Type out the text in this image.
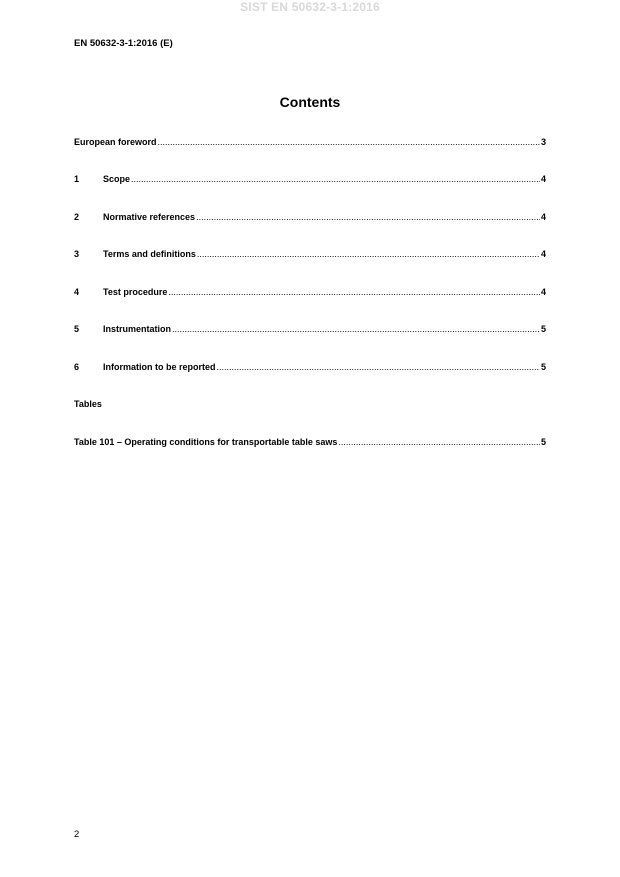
SIST EN 50632-3-1:2016
EN 50632-3-1:2016 (E)
Contents
European foreword .....	3
1	Scope .....	4
2	Normative references .....	4
3	Terms and definitions .....	4
4	Test procedure .....	4
5	Instrumentation .....	5
6	Information to be reported .....	5
Tables
Table 101 – Operating conditions for transportable table saws .....	5
2
